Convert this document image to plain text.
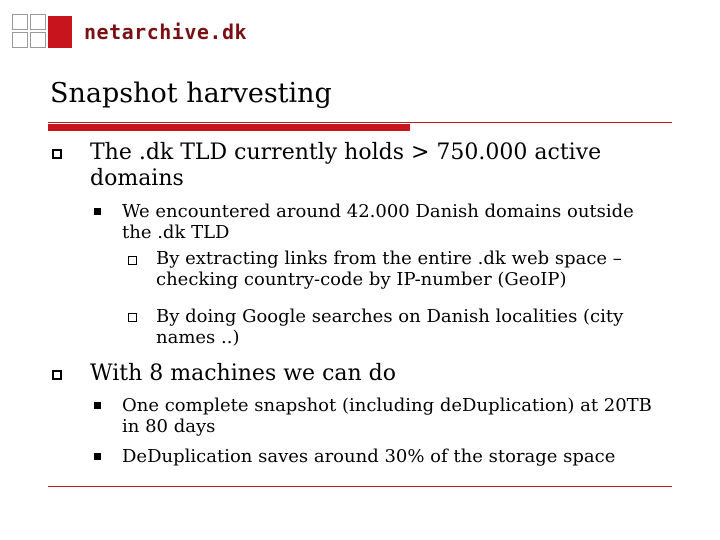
netarchive.dk
Snapshot harvesting
The .dk TLD currently holds > 750.000 active domains
We encountered around 42.000 Danish domains outside the .dk TLD
By extracting links from the entire .dk web space – checking country-code by IP-number (GeoIP)
By doing Google searches on Danish localities (city names ..)
With 8 machines we can do
One complete snapshot (including deDuplication) at 20TB in 80 days
DeDuplication saves around 30% of the storage space
